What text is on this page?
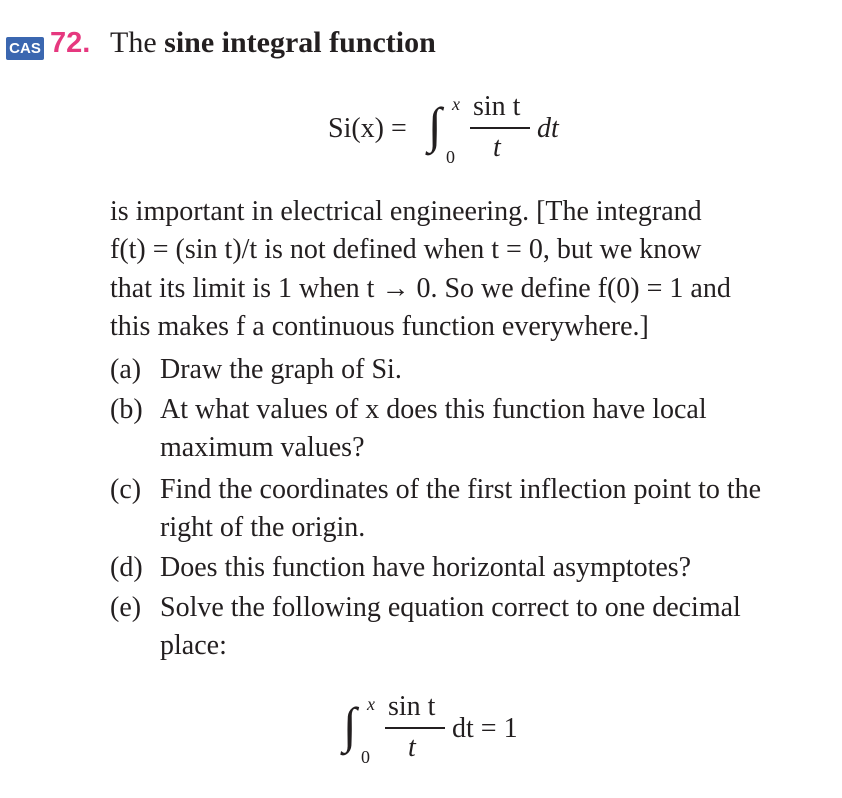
CAS 72. The sine integral function
Si(x) = ∫ x
0
sin t
t
dt
is important in electrical engineering. [The integrand
f(t) = (sin t)/t is not defined when t = 0, but we know
that its limit is 1 when t → 0. So we define f(0) = 1 and
this makes f a continuous function everywhere.]
(a) Draw the graph of Si.
(b) At what values of x does this function have local
maximum values?
(c) Find the coordinates of the first inflection point to the
right of the origin.
(d) Does this function have horizontal asymptotes?
(e) Solve the following equation correct to one decimal
place:
∫ x
0
sin t
t
dt = 1
